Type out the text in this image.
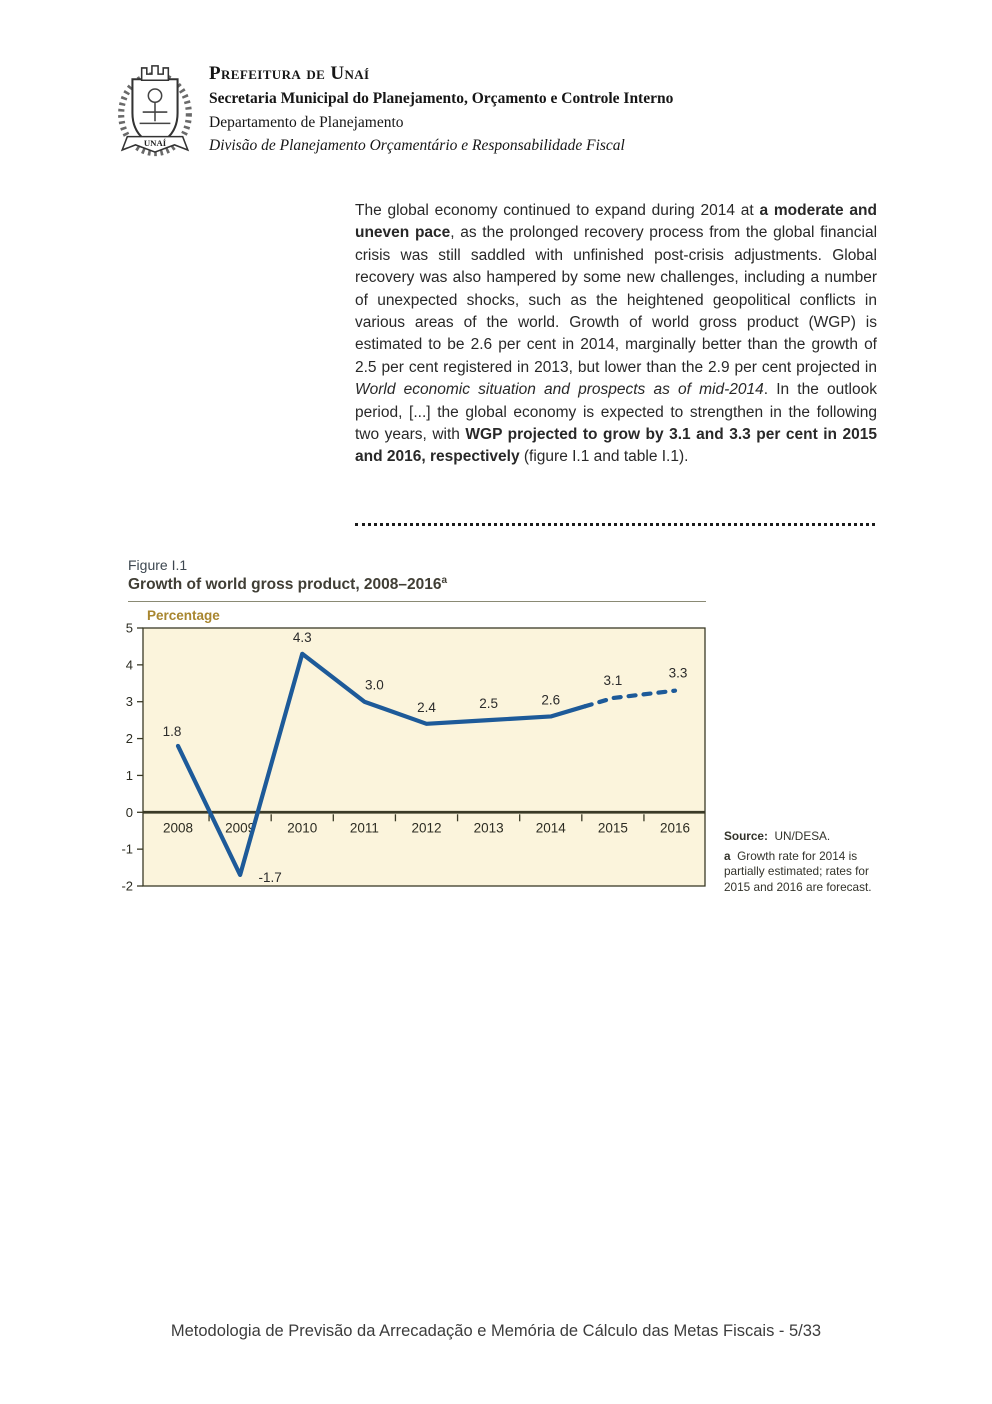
UNAÍ
Prefeitura de Unaí
Secretaria Municipal do Planejamento, Orçamento e Controle Interno
Departamento de Planejamento
Divisão de Planejamento Orçamentário e Responsabilidade Fiscal

The global economy continued to expand during 2014 at a moderate and uneven pace, as the prolonged recovery process from the global financial crisis was still saddled with unfinished post-crisis adjustments. Global recovery was also hampered by some new challenges, including a number of unexpected shocks, such as the heightened geopolitical conflicts in various areas of the world. Growth of world gross product (WGP) is estimated to be 2.6 per cent in 2014, marginally better than the growth of 2.5 per cent registered in 2013, but lower than the 2.9 per cent projected in World economic situation and prospects as of mid-2014. In the outlook period, [...] the global economy is expected to strengthen in the following two years, with WGP projected to grow by 3.1 and 3.3 per cent in 2015 and 2016, respectively (figure I.1 and table I.1).

Figure I.1
Growth of world gross product, 2008–2016$^a$
Percentage
-2
-1
0
1
2
3
4
5
2008 2009 2010 2011 2012 2013 2014 2015 2016
1.8
-1.7
4.3
3.0
2.4	2.5	2.6
3.1	3.3
Source: UN/DESA.
a Growth rate for 2014 is partially estimated; rates for 2015 and 2016 are forecast.
Metodologia de Previsão da Arrecadação e Memória de Cálculo das Metas Fiscais - 5/33
